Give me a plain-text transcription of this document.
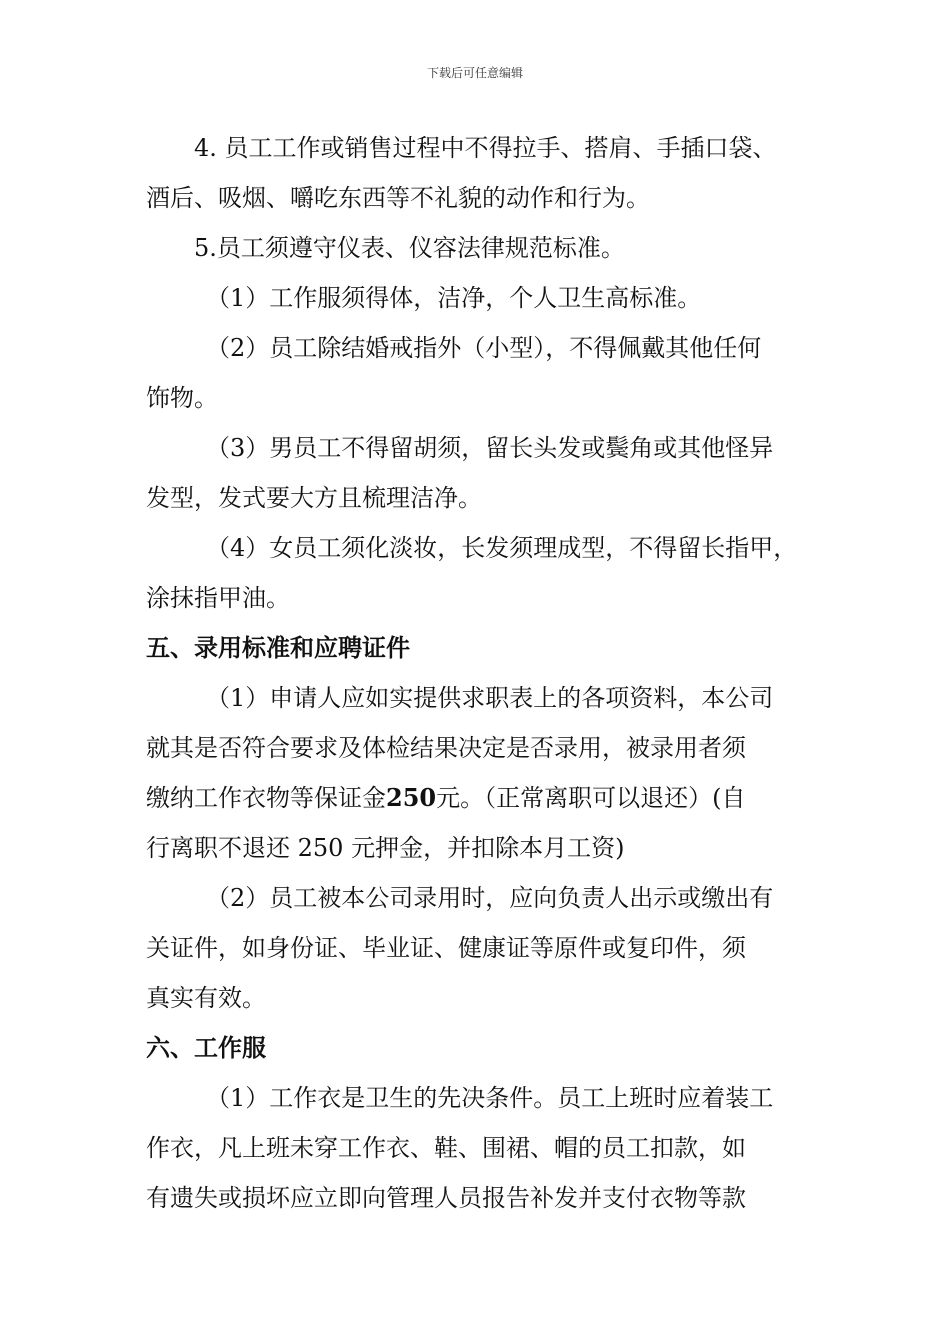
下载后可任意编辑
4. 员工工作或销售过程中不得拉手、搭肩、手插口袋、
酒后、吸烟、嚼吃东西等不礼貌的动作和行为。
5.员工须遵守仪表、仪容法律规范标准。
（1）工作服须得体，洁净，个人卫生高标准。
（2）员工除结婚戒指外（小型），不得佩戴其他任何
饰物。
（3）男员工不得留胡须，留长头发或鬓角或其他怪异
发型，发式要大方且梳理洁净。
（4）女员工须化淡妆，长发须理成型，不得留长指甲，
涂抹指甲油。
五、录用标准和应聘证件
（1）申请人应如实提供求职表上的各项资料，本公司
就其是否符合要求及体检结果决定是否录用，被录用者须
缴纳工作衣物等保证金250元。（正常离职可以退还）(自
行离职不退还 250 元押金，并扣除本月工资)
（2）员工被本公司录用时，应向负责人出示或缴出有
关证件，如身份证、毕业证、健康证等原件或复印件，须
真实有效。
六、工作服
（1）工作衣是卫生的先决条件。员工上班时应着装工
作衣，凡上班未穿工作衣、鞋、围裙、帽的员工扣款，如
有遗失或损坏应立即向管理人员报告补发并支付衣物等款
